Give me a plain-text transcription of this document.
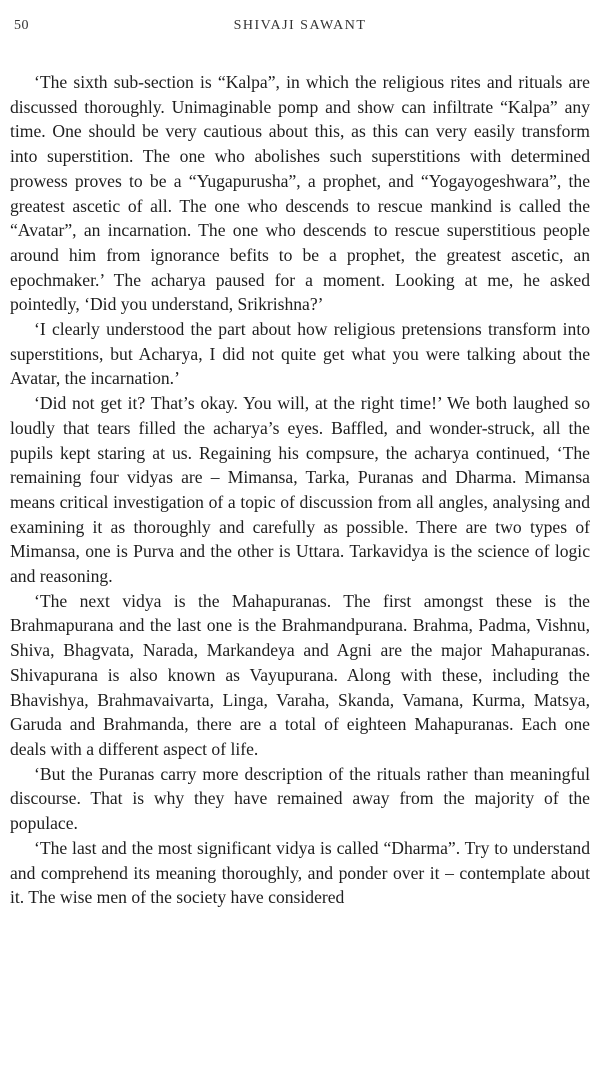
50	SHIVAJI SAWANT

‘The sixth sub-section is “Kalpa”, in which the religious rites and rituals are discussed thoroughly. Unimaginable pomp and show can infiltrate “Kalpa” any time. One should be very cautious about this, as this can very easily transform into superstition. The one who abolishes such superstitions with determined prowess proves to be a “Yugapurusha”, a prophet, and “Yogayogeshwara”, the greatest ascetic of all. The one who descends to rescue mankind is called the “Avatar”, an incarnation. The one who descends to rescue superstitious people around him from ignorance befits to be a prophet, the greatest ascetic, an epochmaker.’ The acharya paused for a moment. Looking at me, he asked pointedly, ‘Did you understand, Srikrishna?’

‘I clearly understood the part about how religious pretensions transform into superstitions, but Acharya, I did not quite get what you were talking about the Avatar, the incarnation.’

‘Did not get it? That’s okay. You will, at the right time!’ We both laughed so loudly that tears filled the acharya’s eyes. Baffled, and wonder-struck, all the pupils kept staring at us. Regaining his compsure, the acharya continued, ‘The remaining four vidyas are – Mimansa, Tarka, Puranas and Dharma. Mimansa means critical investigation of a topic of discussion from all angles, analysing and examining it as thoroughly and carefully as possible. There are two types of Mimansa, one is Purva and the other is Uttara. Tarkavidya is the science of logic and reasoning.

‘The next vidya is the Mahapuranas. The first amongst these is the Brahmapurana and the last one is the Brahmandpurana. Brahma, Padma, Vishnu, Shiva, Bhagvata, Narada, Markandeya and Agni are the major Mahapuranas. Shivapurana is also known as Vayupurana. Along with these, including the Bhavishya, Brahmavaivarta, Linga, Varaha, Skanda, Vamana, Kurma, Matsya, Garuda and Brahmanda, there are a total of eighteen Mahapuranas. Each one deals with a different aspect of life.

‘But the Puranas carry more description of the rituals rather than meaningful discourse. That is why they have remained away from the majority of the populace.

‘The last and the most significant vidya is called “Dharma”. Try to understand and comprehend its meaning thoroughly, and ponder over it – contemplate about it. The wise men of the society have considered
